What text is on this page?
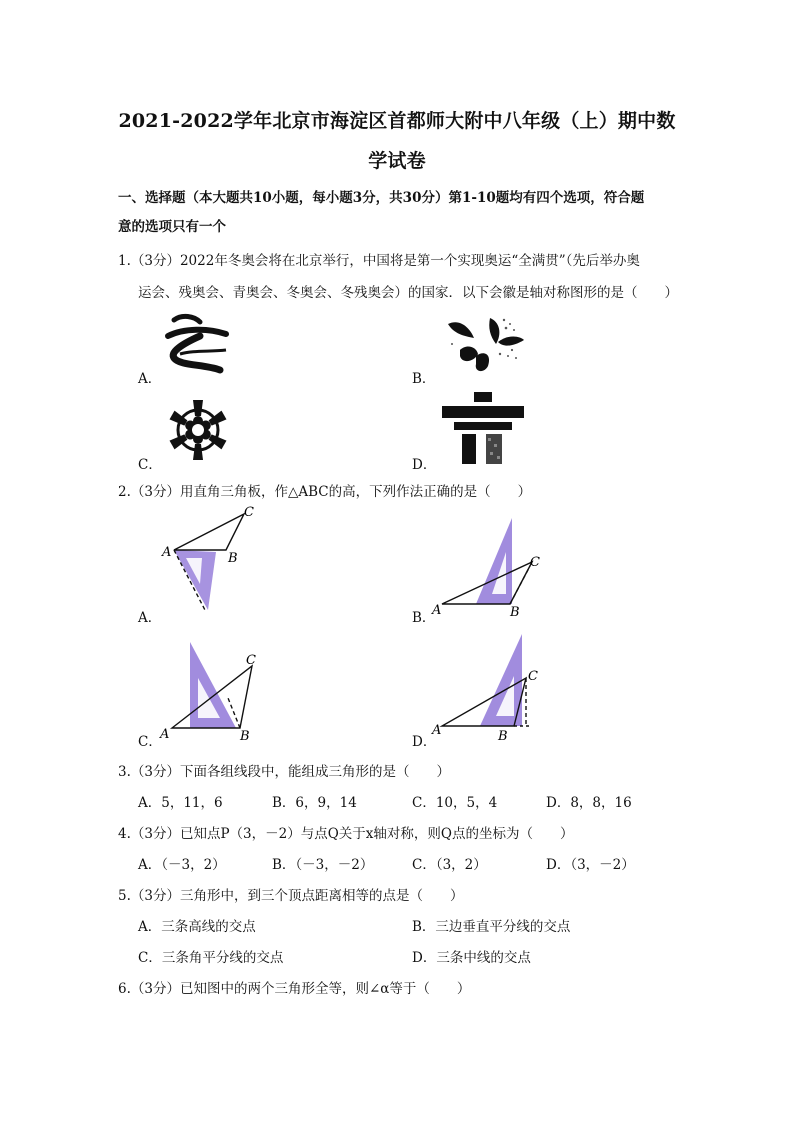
2021-2022学年北京市海淀区首都师大附中八年级（上）期中数
学试卷
一、选择题（本大题共10小题，每小题3分，共30分）第1-10题均有四个选项，符合题
意的选项只有一个
1.（3分）2022年冬奥会将在北京举行，中国将是第一个实现奥运“全满贯”（先后举办奥
运会、残奥会、青奥会、冬奥会、冬残奥会）的国家．以下会徽是轴对称图形的是（　　）
A．	B．
C．	D．
2.（3分）用直角三角板，作△ABC的高，下列作法正确的是（　　）
A	B
C
A．	A	B
C
B．
A	B
C
C．
A	B
C
D．
3.（3分）下面各组线段中，能组成三角形的是（　　）
A．5，11，6	B．6，9，14	C．10，5，4	D．8，8，16
4.（3分）已知点P（3，－2）与点Q关于x轴对称，则Q点的坐标为（　　）
A．（－3，2）	B．（－3，－2）	C．（3，2）	D．（3，－2）
5.（3分）三角形中，到三个顶点距离相等的点是（　　）
A．三条高线的交点	B．三边垂直平分线的交点
C．三条角平分线的交点	D．三条中线的交点
6.（3分）已知图中的两个三角形全等，则∠α等于（　　）
